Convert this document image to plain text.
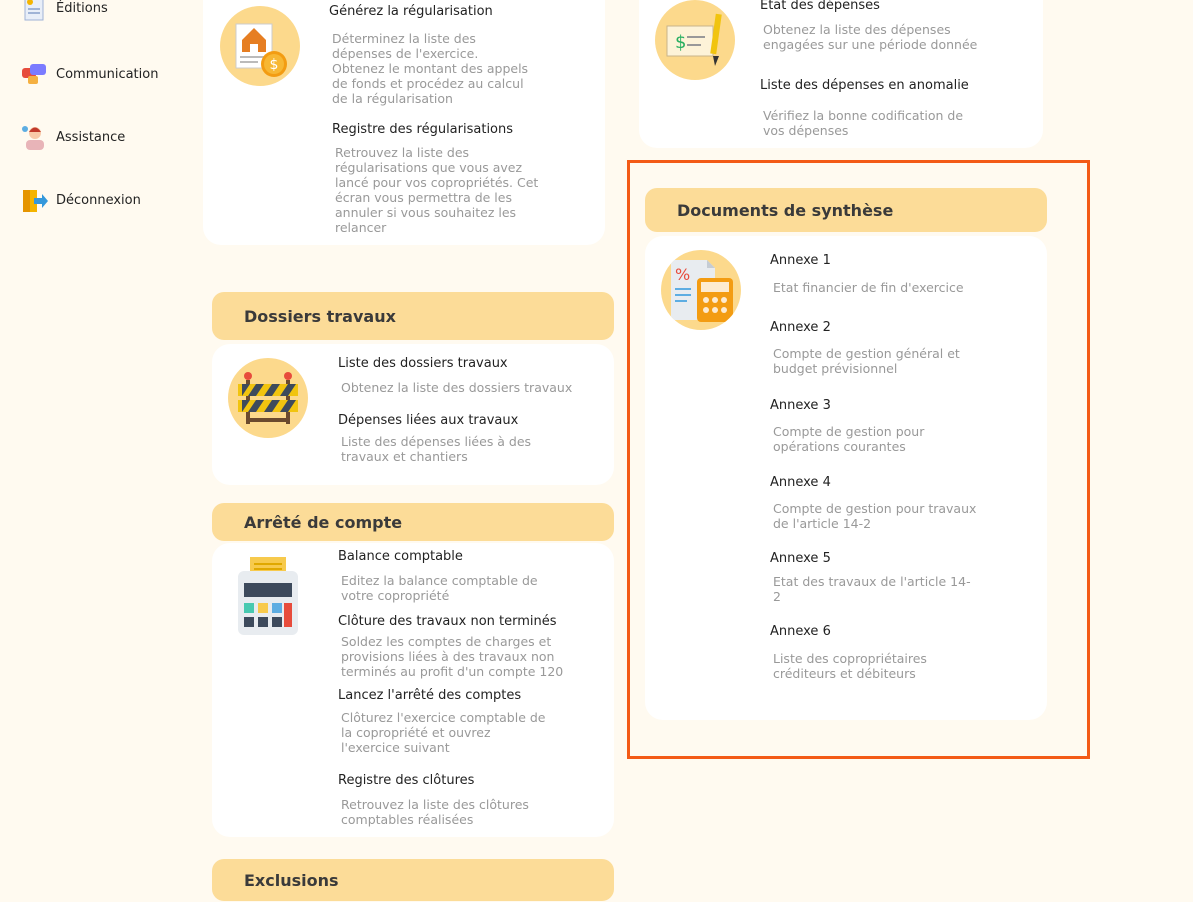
Éditions
Communication
Assistance
Déconnexion
$
Générez la régularisation
Déterminez la liste des dépenses de l'exercice. Obtenez le montant des appels de fonds et procédez au calcul de la régularisation
Registre des régularisations
Retrouvez la liste des régularisations que vous avez lancé pour vos copropriétés. Cet écran vous permettra de les annuler si vous souhaitez les relancer
$
Etat des dépenses
Obtenez la liste des dépenses engagées sur une période donnée
Liste des dépenses en anomalie
Vérifiez la bonne codification de vos dépenses
Dossiers travaux
Liste des dossiers travaux
Obtenez la liste des dossiers travaux
Dépenses liées aux travaux
Liste des dépenses liées à des travaux et chantiers
Arrêté de compte
Balance comptable
Editez la balance comptable de votre copropriété
Clôture des travaux non terminés
Soldez les comptes de charges et provisions liées à des travaux non terminés au profit d'un compte 120
Lancez l'arrêté des comptes
Clôturez l'exercice comptable de la copropriété et ouvrez l'exercice suivant
Registre des clôtures
Retrouvez la liste des clôtures comptables réalisées
Exclusions
Documents de synthèse
%
Annexe 1
Etat financier de fin d'exercice
Annexe 2
Compte de gestion général et budget prévisionnel
Annexe 3
Compte de gestion pour opérations courantes
Annexe 4
Compte de gestion pour travaux de l'article 14-2
Annexe 5
Etat des travaux de l'article 14-2
Annexe 6
Liste des copropriétaires créditeurs et débiteurs
